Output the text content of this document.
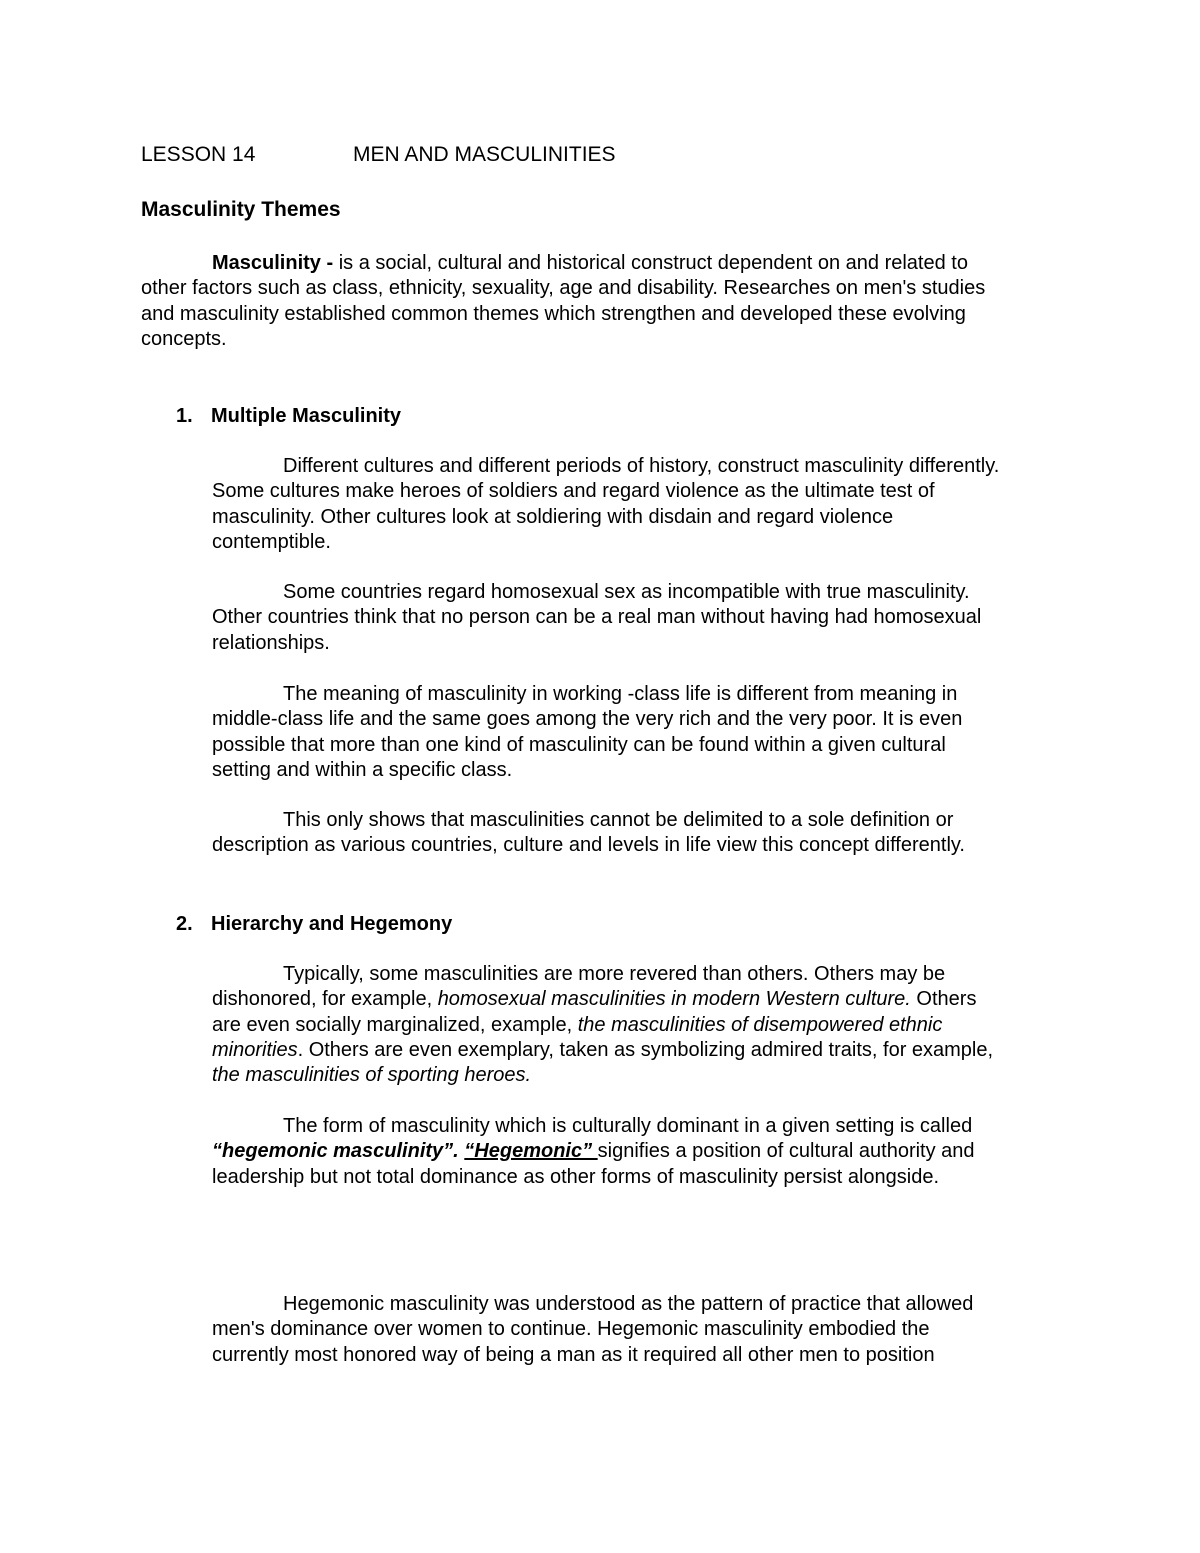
LESSON 14	MEN AND MASCULINITIES
Masculinity Themes
Masculinity - is a social, cultural and historical construct dependent on and related to
other factors such as class, ethnicity, sexuality, age and disability. Researches on men's studies
and masculinity established common themes which strengthen and developed these evolving
concepts.
1. Multiple Masculinity
Different cultures and different periods of history, construct masculinity differently.
Some cultures make heroes of soldiers and regard violence as the ultimate test of
masculinity. Other cultures look at soldiering with disdain and regard violence
contemptible.
Some countries regard homosexual sex as incompatible with true masculinity.
Other countries think that no person can be a real man without having had homosexual
relationships.
The meaning of masculinity in working -class life is different from meaning in
middle-class life and the same goes among the very rich and the very poor. It is even
possible that more than one kind of masculinity can be found within a given cultural
setting and within a specific class.
This only shows that masculinities cannot be delimited to a sole definition or
description as various countries, culture and levels in life view this concept differently.
2. Hierarchy and Hegemony
Typically, some masculinities are more revered than others. Others may be
dishonored, for example, homosexual masculinities in modern Western culture. Others
are even socially marginalized, example, the masculinities of disempowered ethnic
minorities. Others are even exemplary, taken as symbolizing admired traits, for example,
the masculinities of sporting heroes.
The form of masculinity which is culturally dominant in a given setting is called
“hegemonic masculinity”. “Hegemonic” signifies a position of cultural authority and
leadership but not total dominance as other forms of masculinity persist alongside.
Hegemonic masculinity was understood as the pattern of practice that allowed
men's dominance over women to continue. Hegemonic masculinity embodied the
currently most honored way of being a man as it required all other men to position
